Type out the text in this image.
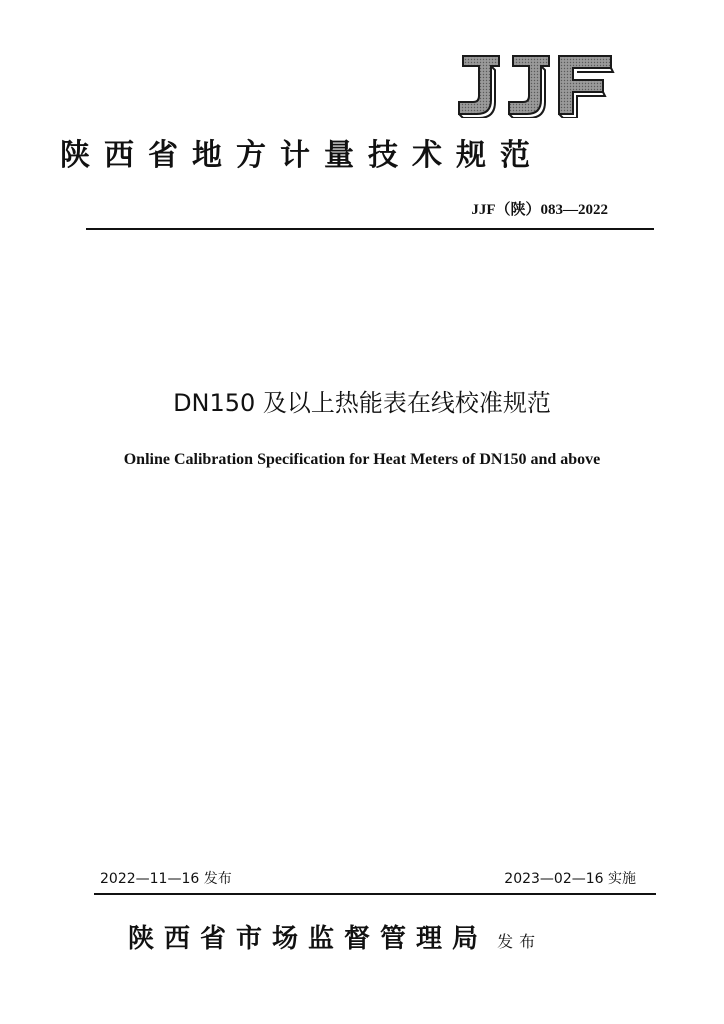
陕西省地方计量技术规范
JJF（陕）083—2022
DN150 及以上热能表在线校准规范
Online Calibration Specification for Heat Meters of DN150 and above
2022—11—16 发布	2023—02—16 实施
陕西省市场监督管理局 发布
